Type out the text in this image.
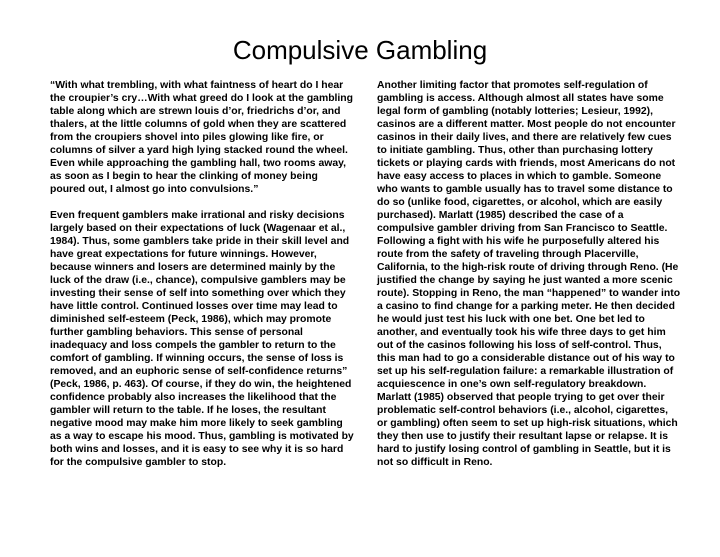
Compulsive Gambling

“With what trembling, with what faintness of heart do I hear the croupier’s cry…With what greed do I look at the gambling table along which are strewn louis d’or, friedrichs d’or, and thalers, at the little columns of gold when they are scattered from the croupiers shovel into piles glowing like fire, or columns of silver a yard high lying stacked round the wheel. Even while approaching the gambling hall, two rooms away, as soon as I begin to hear the clinking of money being poured out, I almost go into convulsions.”

Even frequent gamblers make irrational and risky decisions largely based on their expectations of luck (Wagenaar et al., 1984). Thus, some gamblers take pride in their skill level and have great expectations for future winnings. However, because winners and losers are determined mainly by the luck of the draw (i.e., chance), compulsive gamblers may be investing their sense of self into something over which they have little control. Continued losses over time may lead to diminished self-esteem (Peck, 1986), which may promote further gambling behaviors. This sense of personal inadequacy and loss compels the gambler to return to the comfort of gambling. If winning occurs, the sense of loss is removed, and an euphoric sense of self-confidence returns” (Peck, 1986, p. 463). Of course, if they do win, the heightened confidence probably also increases the likelihood that the gambler will return to the table. If he loses, the resultant negative mood may make him more likely to seek gambling as a way to escape his mood. Thus, gambling is motivated by both wins and losses, and it is easy to see why it is so hard for the compulsive gambler to stop.

Another limiting factor that promotes self-regulation of gambling is access. Although almost all states have some legal form of gambling (notably lotteries; Lesieur, 1992), casinos are a different matter. Most people do not encounter casinos in their daily lives, and there are relatively few cues to initiate gambling. Thus, other than purchasing lottery tickets or playing cards with friends, most Americans do not have easy access to places in which to gamble. Someone who wants to gamble usually has to travel some distance to do so (unlike food, cigarettes, or alcohol, which are easily purchased). Marlatt (1985) described the case of a compulsive gambler driving from San Francisco to Seattle. Following a fight with his wife he purposefully altered his route from the safety of traveling through Placerville, California, to the high-risk route of driving through Reno. (He justified the change by saying he just wanted a more scenic route). Stopping in Reno, the man “happened” to wander into a casino to find change for a parking meter. He then decided he would just test his luck with one bet. One bet led to another, and eventually took his wife three days to get him out of the casinos following his loss of self-control. Thus, this man had to go a considerable distance out of his way to set up his self-regulation failure: a remarkable illustration of acquiescence in one’s own self-regulatory breakdown. Marlatt (1985) observed that people trying to get over their problematic self-control behaviors (i.e., alcohol, cigarettes, or gambling) often seem to set up high-risk situations, which they then use to justify their resultant lapse or relapse. It is hard to justify losing control of gambling in Seattle, but it is not so difficult in Reno.
